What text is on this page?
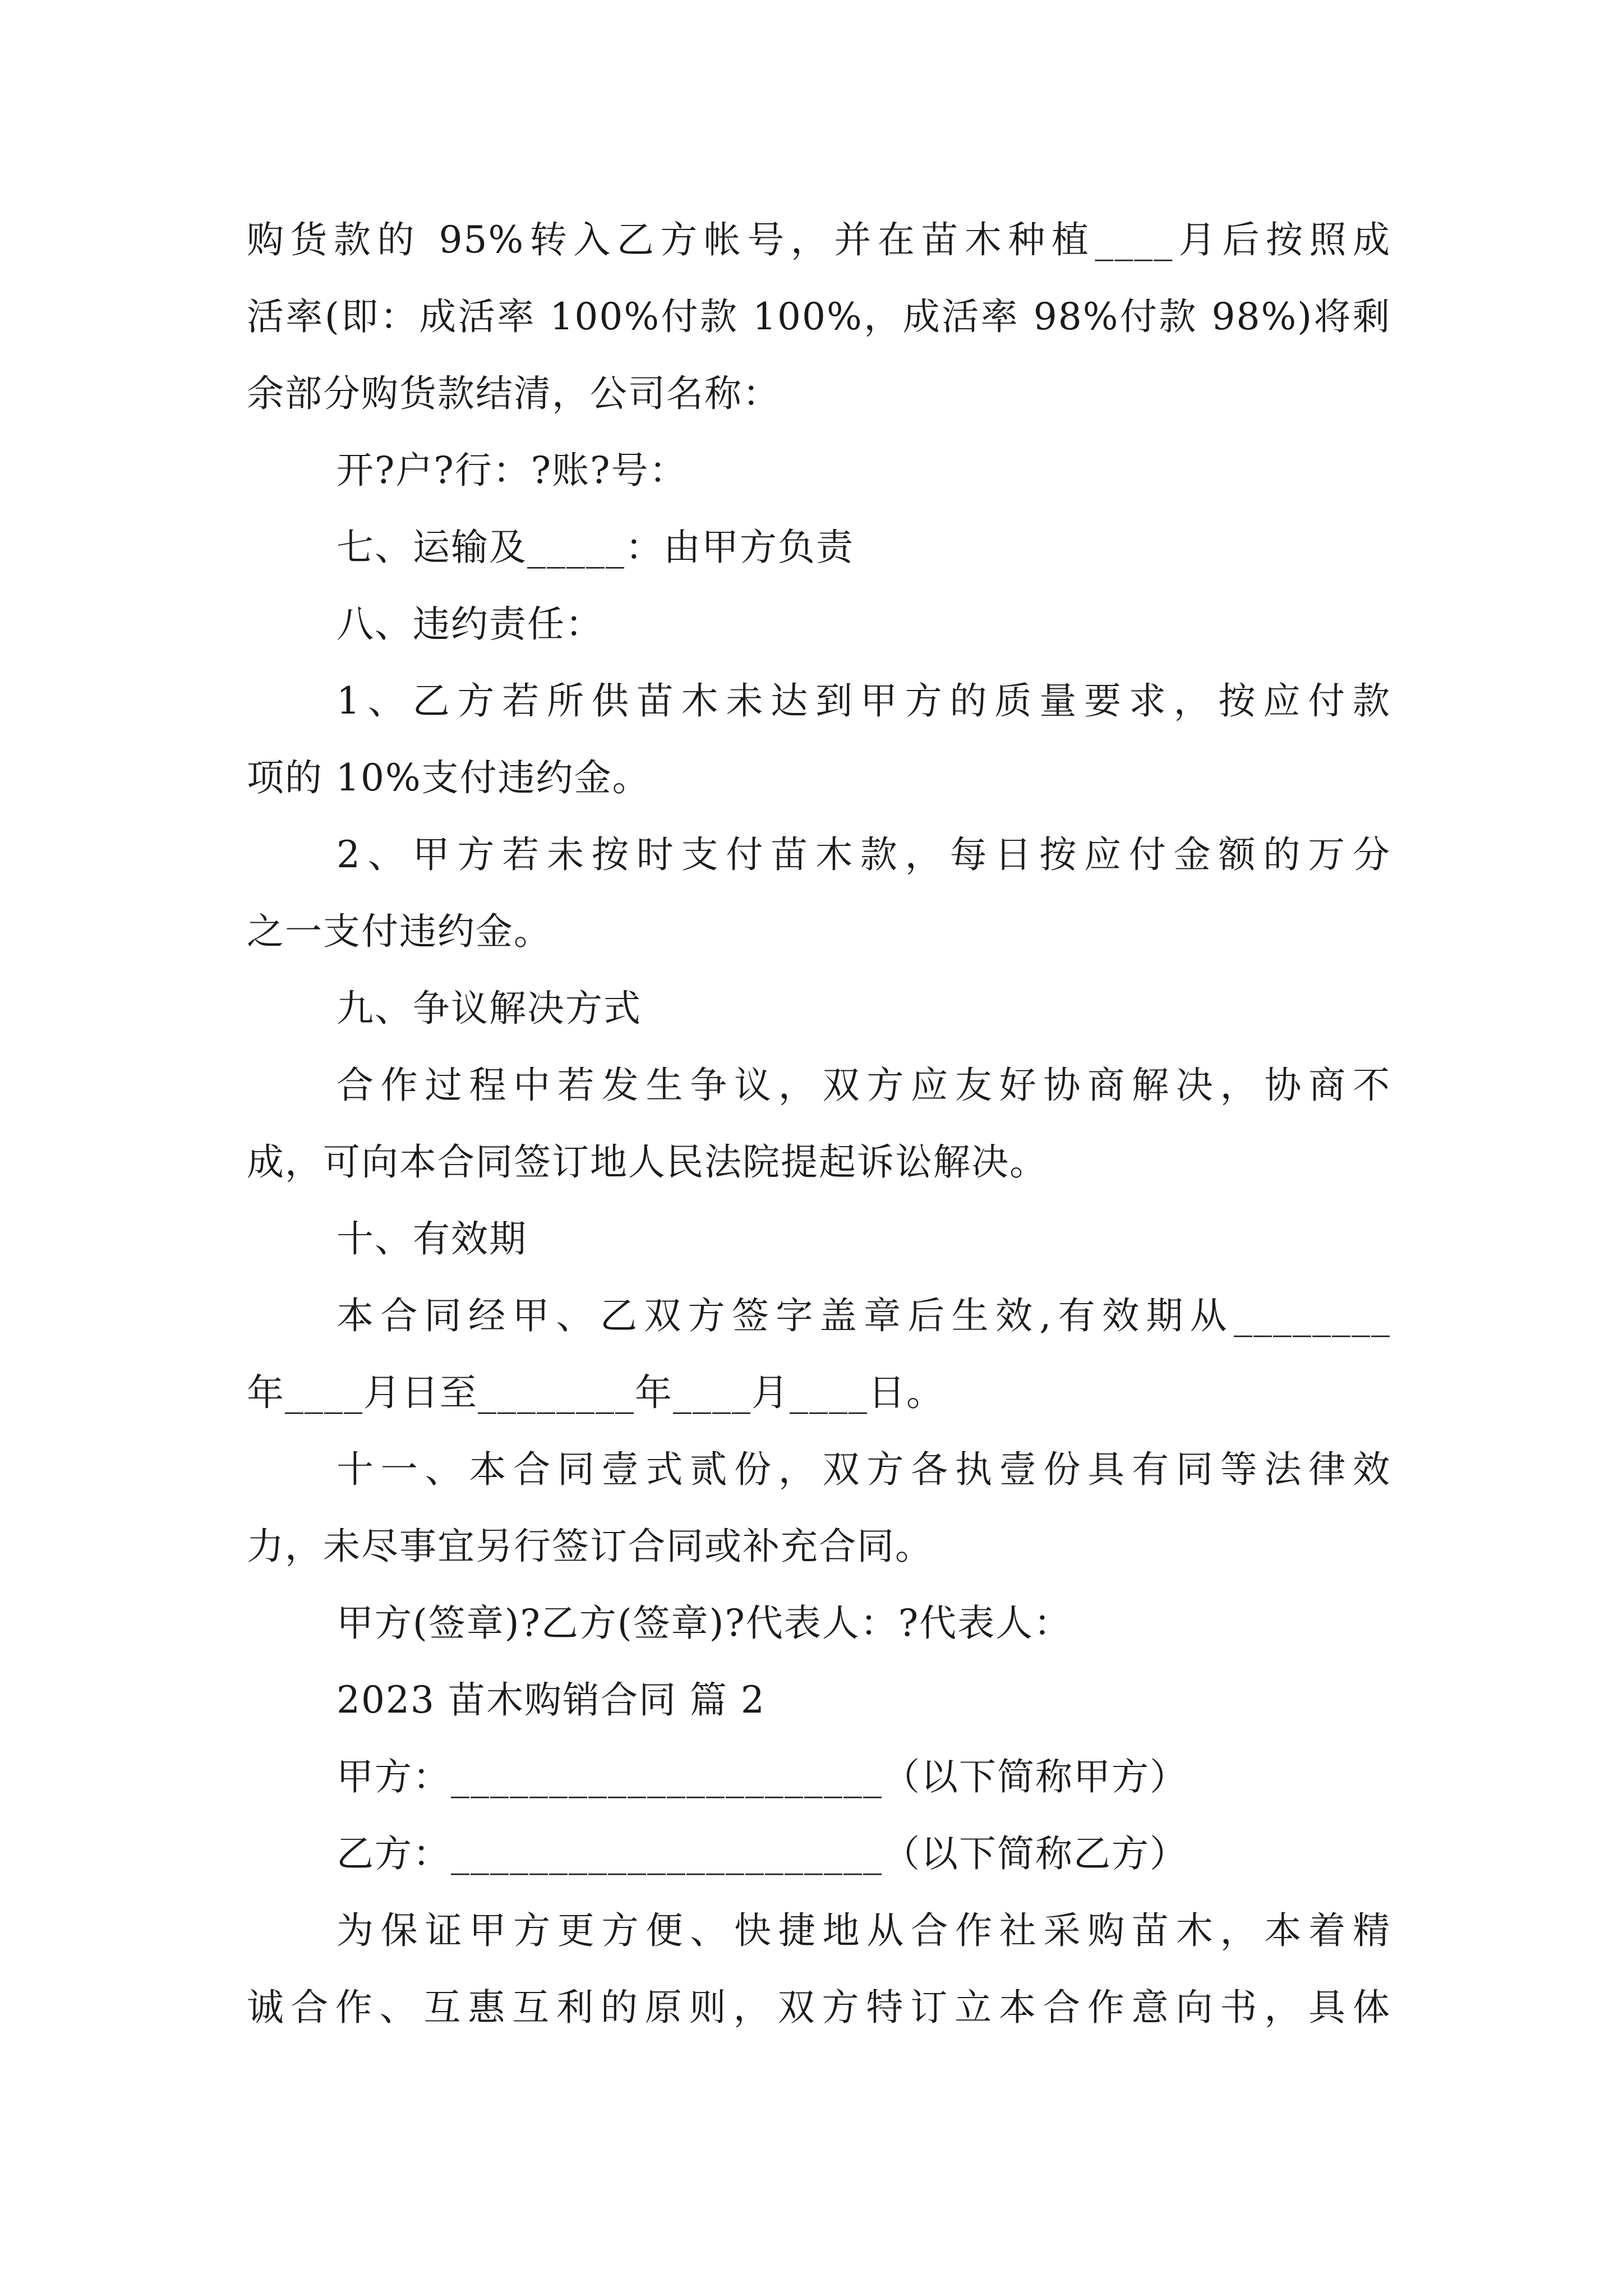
购货款的 95%转入乙方帐号，并在苗木种植____月后按照成
活率(即：成活率 100%付款 100%，成活率 98%付款 98%)将剩
余部分购货款结清，公司名称：
开?户?行：?账?号：
七、运输及_____：由甲方负责
八、违约责任：
1、乙方若所供苗木未达到甲方的质量要求，按应付款
项的 10%支付违约金。
2、甲方若未按时支付苗木款，每日按应付金额的万分
之一支付违约金。
九、争议解决方式
合作过程中若发生争议，双方应友好协商解决，协商不
成，可向本合同签订地人民法院提起诉讼解决。
十、有效期
本合同经甲、乙双方签字盖章后生效,有效期从________
年____月日至________年____月____日。
十一、本合同壹式贰份，双方各执壹份具有同等法律效
力，未尽事宜另行签订合同或补充合同。
甲方(签章)?乙方(签章)?代表人：?代表人：
2023 苗木购销合同 篇 2
甲方：______________________（以下简称甲方）
乙方：______________________（以下简称乙方）
为保证甲方更方便、快捷地从合作社采购苗木，本着精
诚合作、互惠互利的原则，双方特订立本合作意向书，具体
